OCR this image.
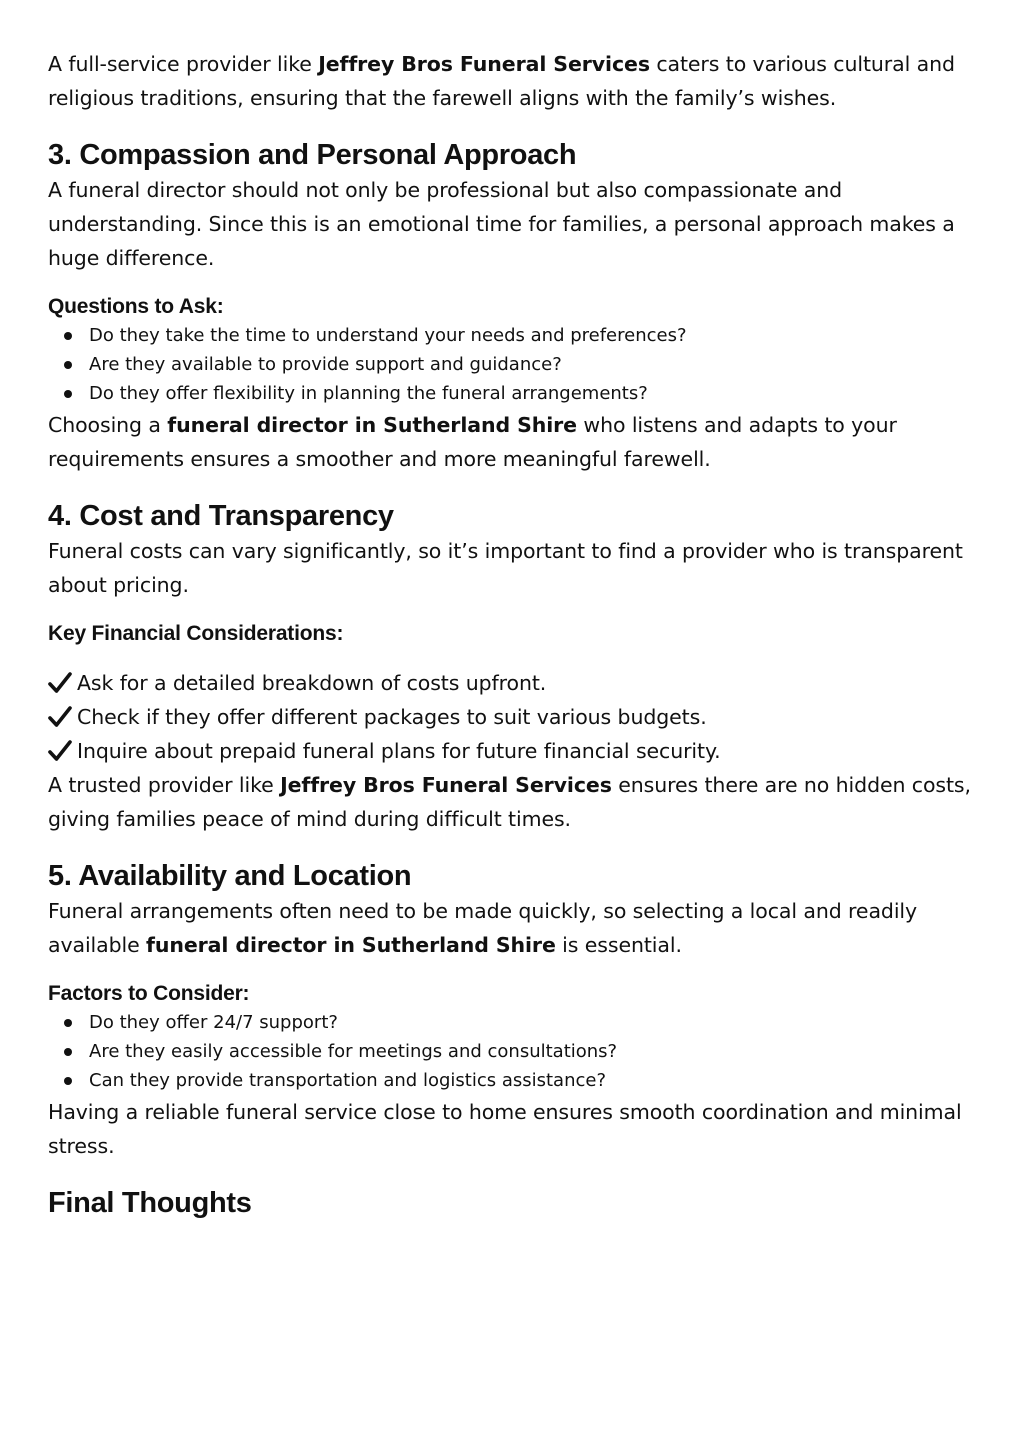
A full-service provider like Jeffrey Bros Funeral Services caters to various cultural and religious traditions, ensuring that the farewell aligns with the family’s wishes.

3. Compassion and Personal Approach

A funeral director should not only be professional but also compassionate and understanding. Since this is an emotional time for families, a personal approach makes a huge difference.

Questions to Ask:
Do they take the time to understand your needs and preferences?
Are they available to provide support and guidance?
Do they offer flexibility in planning the funeral arrangements?

Choosing a funeral director in Sutherland Shire who listens and adapts to your requirements ensures a smoother and more meaningful farewell.

4. Cost and Transparency

Funeral costs can vary significantly, so it’s important to find a provider who is transparent about pricing.

Key Financial Considerations:
Ask for a detailed breakdown of costs upfront.
Check if they offer different packages to suit various budgets.
Inquire about prepaid funeral plans for future financial security.

A trusted provider like Jeffrey Bros Funeral Services ensures there are no hidden costs, giving families peace of mind during difficult times.

5. Availability and Location

Funeral arrangements often need to be made quickly, so selecting a local and readily available funeral director in Sutherland Shire is essential.

Factors to Consider:
Do they offer 24/7 support?
Are they easily accessible for meetings and consultations?
Can they provide transportation and logistics assistance?

Having a reliable funeral service close to home ensures smooth coordination and minimal stress.

Final Thoughts
